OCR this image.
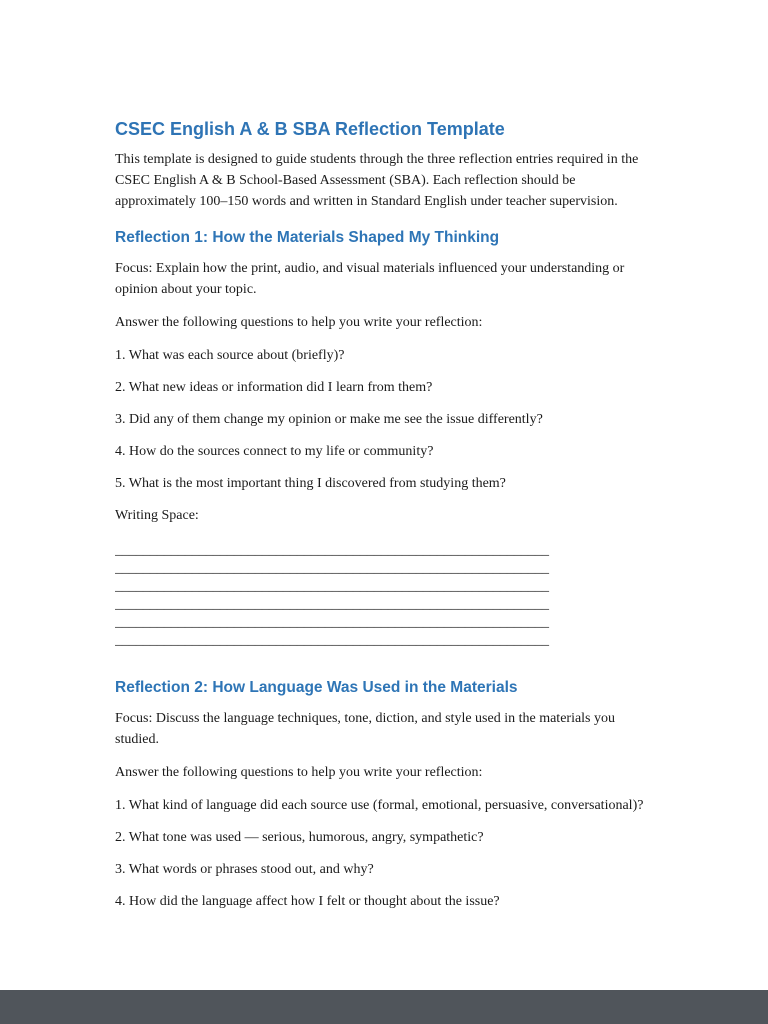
CSEC English A & B SBA Reflection Template

This template is designed to guide students through the three reflection entries required in the CSEC English A & B School-Based Assessment (SBA). Each reflection should be approximately 100–150 words and written in Standard English under teacher supervision.

Reflection 1: How the Materials Shaped My Thinking

Focus: Explain how the print, audio, and visual materials influenced your understanding or opinion about your topic.

Answer the following questions to help you write your reflection:

1. What was each source about (briefly)?

2. What new ideas or information did I learn from them?

3. Did any of them change my opinion or make me see the issue differently?

4. How do the sources connect to my life or community?

5. What is the most important thing I discovered from studying them?

Writing Space:

______________________________________________________________
______________________________________________________________
______________________________________________________________
______________________________________________________________
______________________________________________________________
______________________________________________________________
Reflection 2: How Language Was Used in the Materials

Focus: Discuss the language techniques, tone, diction, and style used in the materials you studied.

Answer the following questions to help you write your reflection:

1. What kind of language did each source use (formal, emotional, persuasive, conversational)?

2. What tone was used — serious, humorous, angry, sympathetic?

3. What words or phrases stood out, and why?

4. How did the language affect how I felt or thought about the issue?
